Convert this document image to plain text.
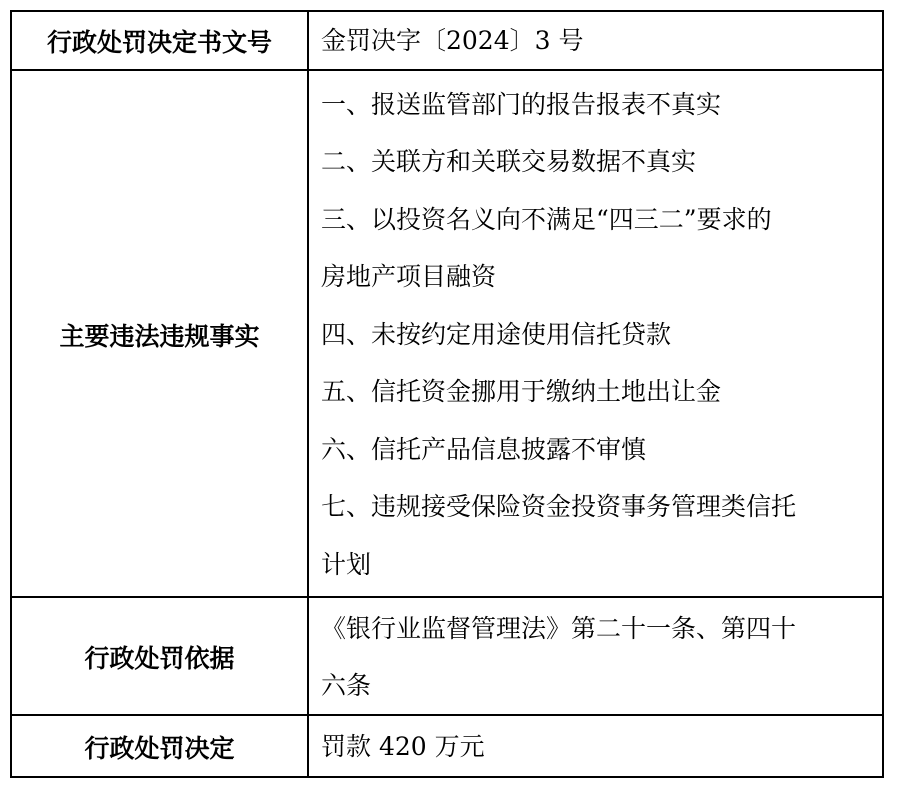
行政处罚决定书文号	金罚决字〔2024〕3 号
主要违法违规事实
一、报送监管部门的报告报表不真实
二、关联方和关联交易数据不真实
三、以投资名义向不满足“四三二”要求的
房地产项目融资
四、未按约定用途使用信托贷款
五、信托资金挪用于缴纳土地出让金
六、信托产品信息披露不审慎
七、违规接受保险资金投资事务管理类信托
计划
行政处罚依据
《银行业监督管理法》第二十一条、第四十
六条
行政处罚决定	罚款 420 万元
